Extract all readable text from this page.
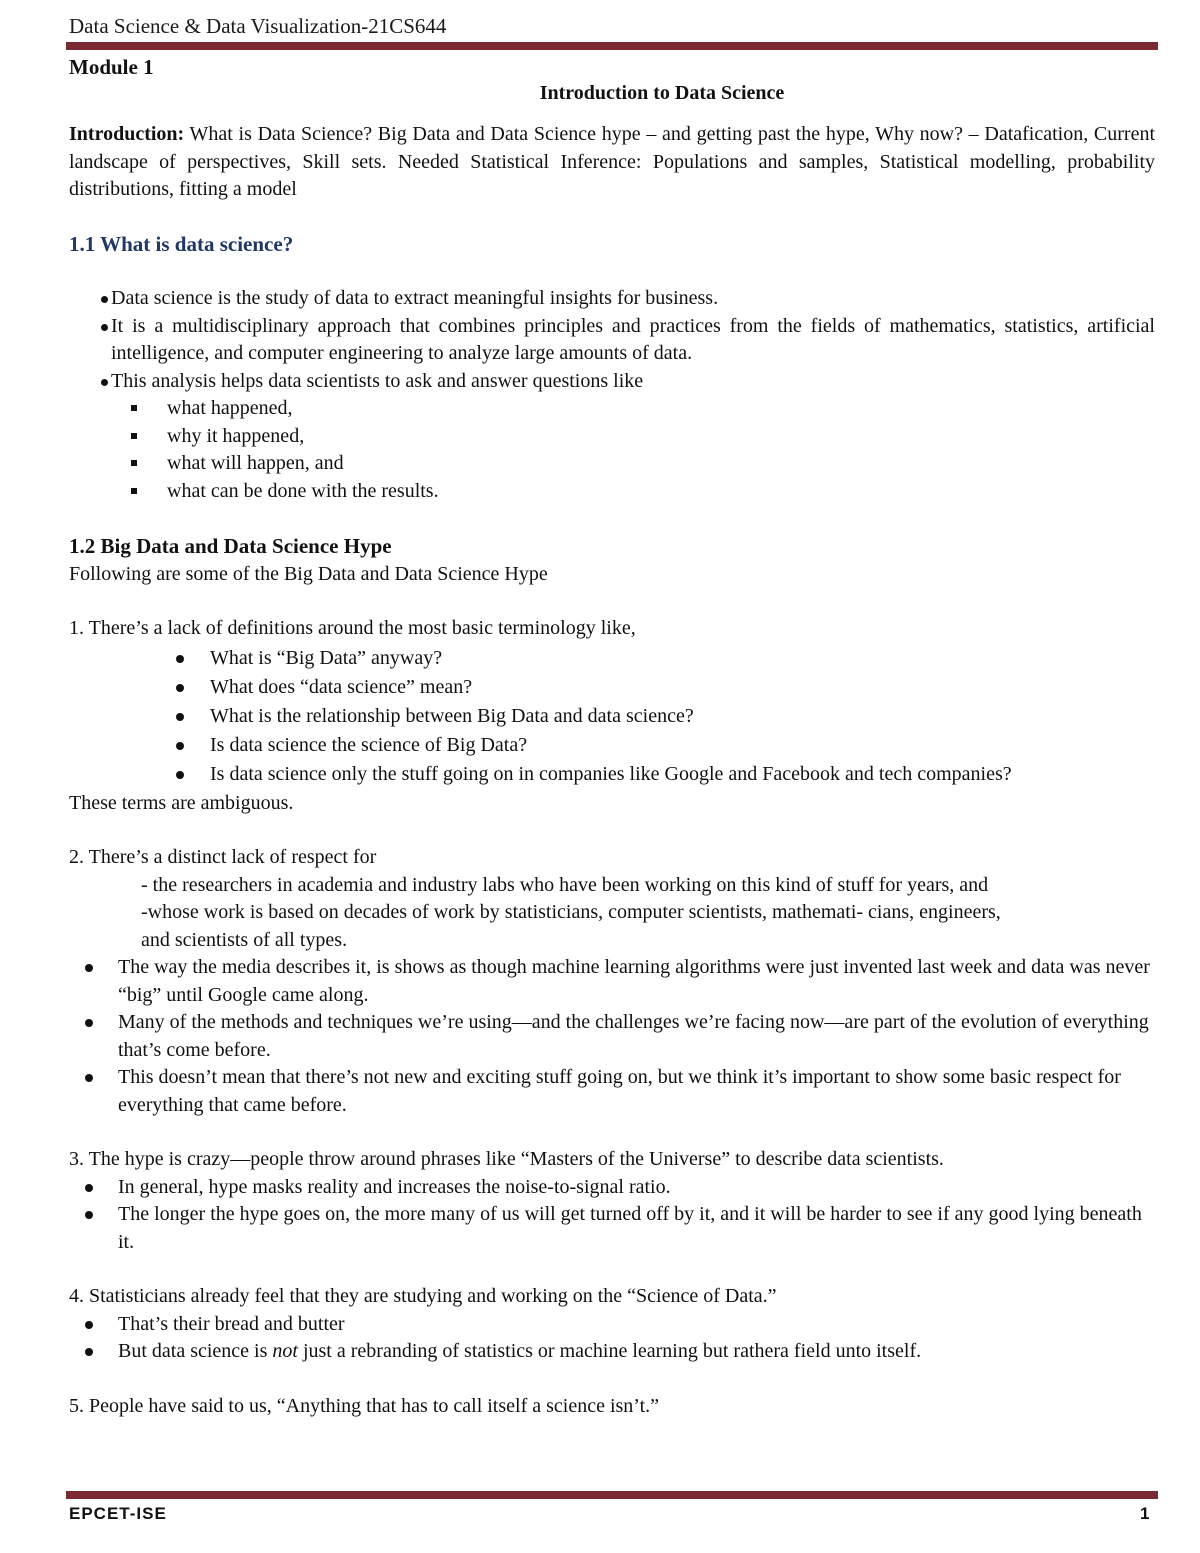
Data Science & Data Visualization-21CS644
Module 1
Introduction to Data Science
Introduction: What is Data Science? Big Data and Data Science hype – and getting past the hype, Why now? – Datafication, Current landscape of perspectives, Skill sets. Needed Statistical Inference: Populations and samples, Statistical modelling, probability distributions, fitting a model
1.1 What is data science?
Data science is the study of data to extract meaningful insights for business.
It is a multidisciplinary approach that combines principles and practices from the fields of mathematics, statistics, artificial intelligence, and computer engineering to analyze large amounts of data.
This analysis helps data scientists to ask and answer questions like
what happened,
why it happened,
what will happen, and
what can be done with the results.
1.2 Big Data and Data Science Hype
Following are some of the Big Data and Data Science Hype
1. There’s a lack of definitions around the most basic terminology like,
What is “Big Data” anyway?
What does “data science” mean?
What is the relationship between Big Data and data science?
Is data science the science of Big Data?
Is data science only the stuff going on in companies like Google and Facebook and tech companies?
These terms are ambiguous.
2. There’s a distinct lack of respect for
- the researchers in academia and industry labs who have been working on this kind of stuff for years, and
-whose work is based on decades of work by statisticians, computer scientists, mathemati- cians, engineers,
and scientists of all types.
The way the media describes it, is shows as though machine learning algorithms were just invented last week and data was never “big” until Google came along.
Many of the methods and techniques we’re using—and the challenges we’re facing now—are part of the evolution of everything that’s come before.
This doesn’t mean that there’s not new and exciting stuff going on, but we think it’s important to show some basic respect for everything that came before.
3. The hype is crazy—people throw around phrases like “Masters of the Universe” to describe data scientists.
In general, hype masks reality and increases the noise-to-signal ratio.
The longer the hype goes on, the more many of us will get turned off by it, and it will be harder to see if any good lying beneath it.
4. Statisticians already feel that they are studying and working on the “Science of Data.”
That’s their bread and butter
But data science is not just a rebranding of statistics or machine learning but rathera field unto itself.
5. People have said to us, “Anything that has to call itself a science isn’t.”
EPCET-ISE	1
